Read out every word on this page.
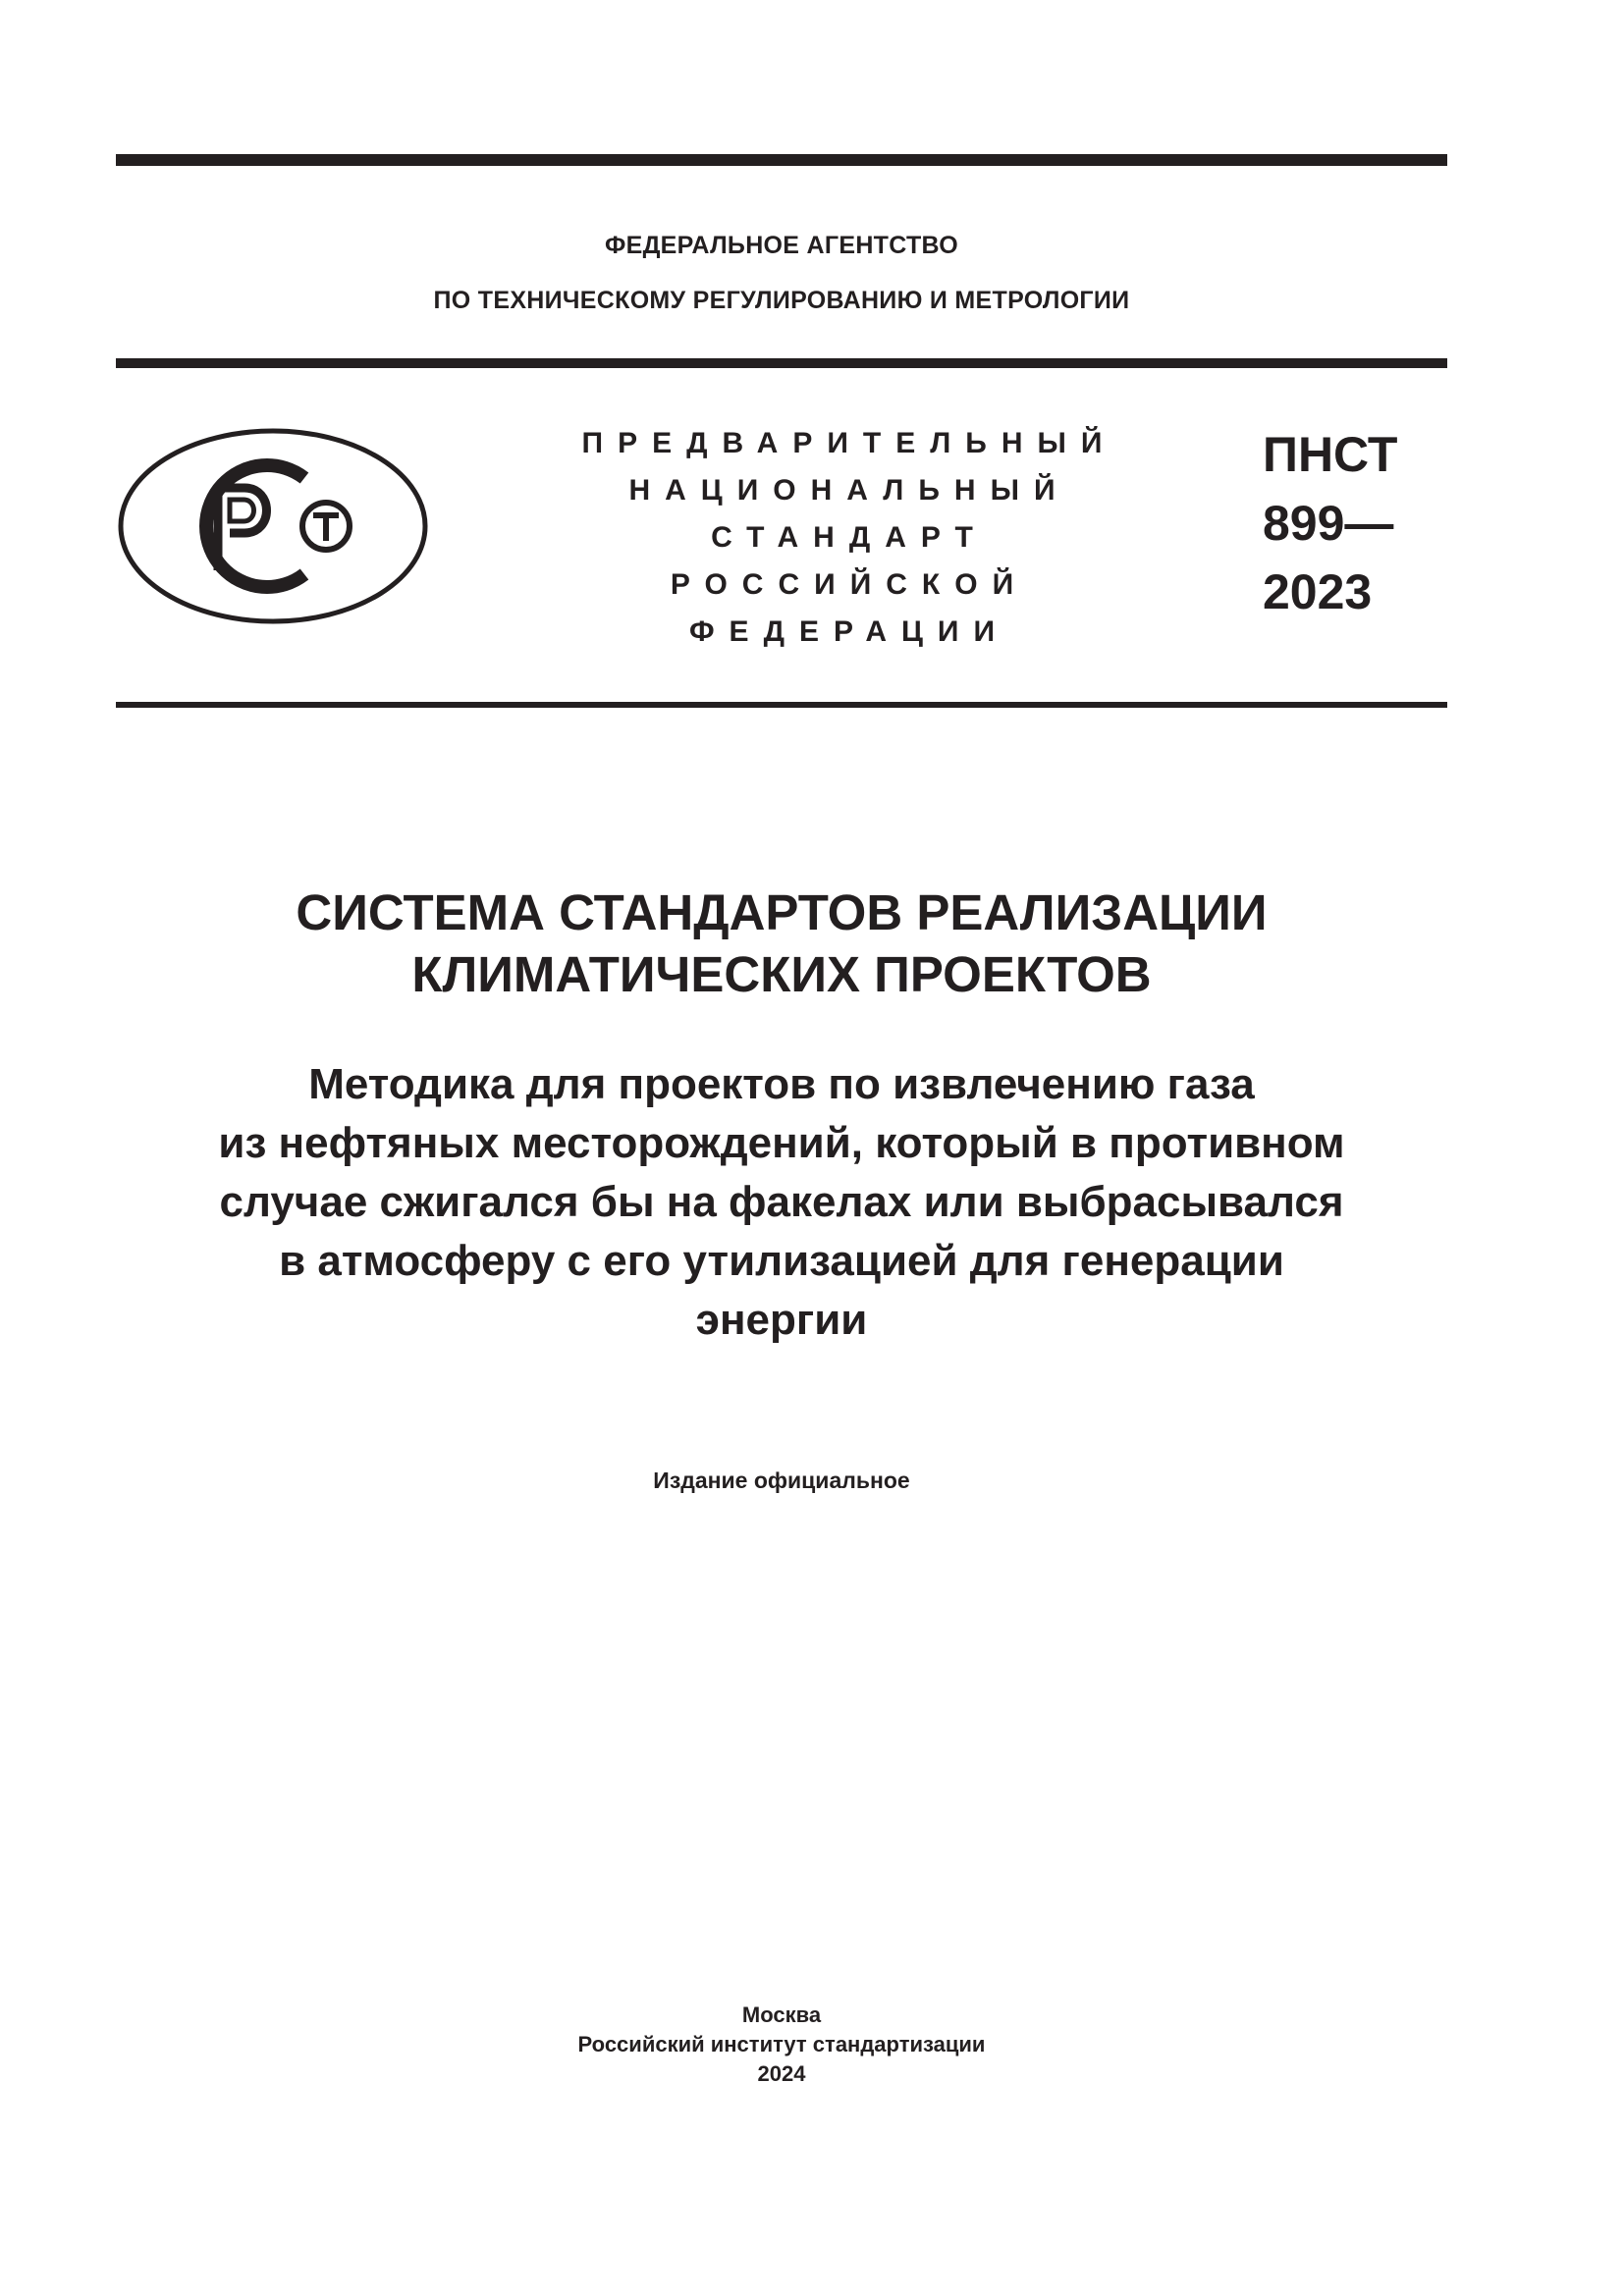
ФЕДЕРАЛЬНОЕ АГЕНТСТВО
ПО ТЕХНИЧЕСКОМУ РЕГУЛИРОВАНИЮ И МЕТРОЛОГИИ
ПРЕДВАРИТЕЛЬНЫЙ
НАЦИОНАЛЬНЫЙ
СТАНДАРТ
РОССИЙСКОЙ
ФЕДЕРАЦИИ
ПНСТ
899—
2023
СИСТЕМА СТАНДАРТОВ РЕАЛИЗАЦИИ
КЛИМАТИЧЕСКИХ ПРОЕКТОВ
Методика для проектов по извлечению газа
из нефтяных месторождений, который в противном
случае сжигался бы на факелах или выбрасывался
в атмосферу с его утилизацией для генерации
энергии
Издание официальное
Москва
Российский институт стандартизации
2024
